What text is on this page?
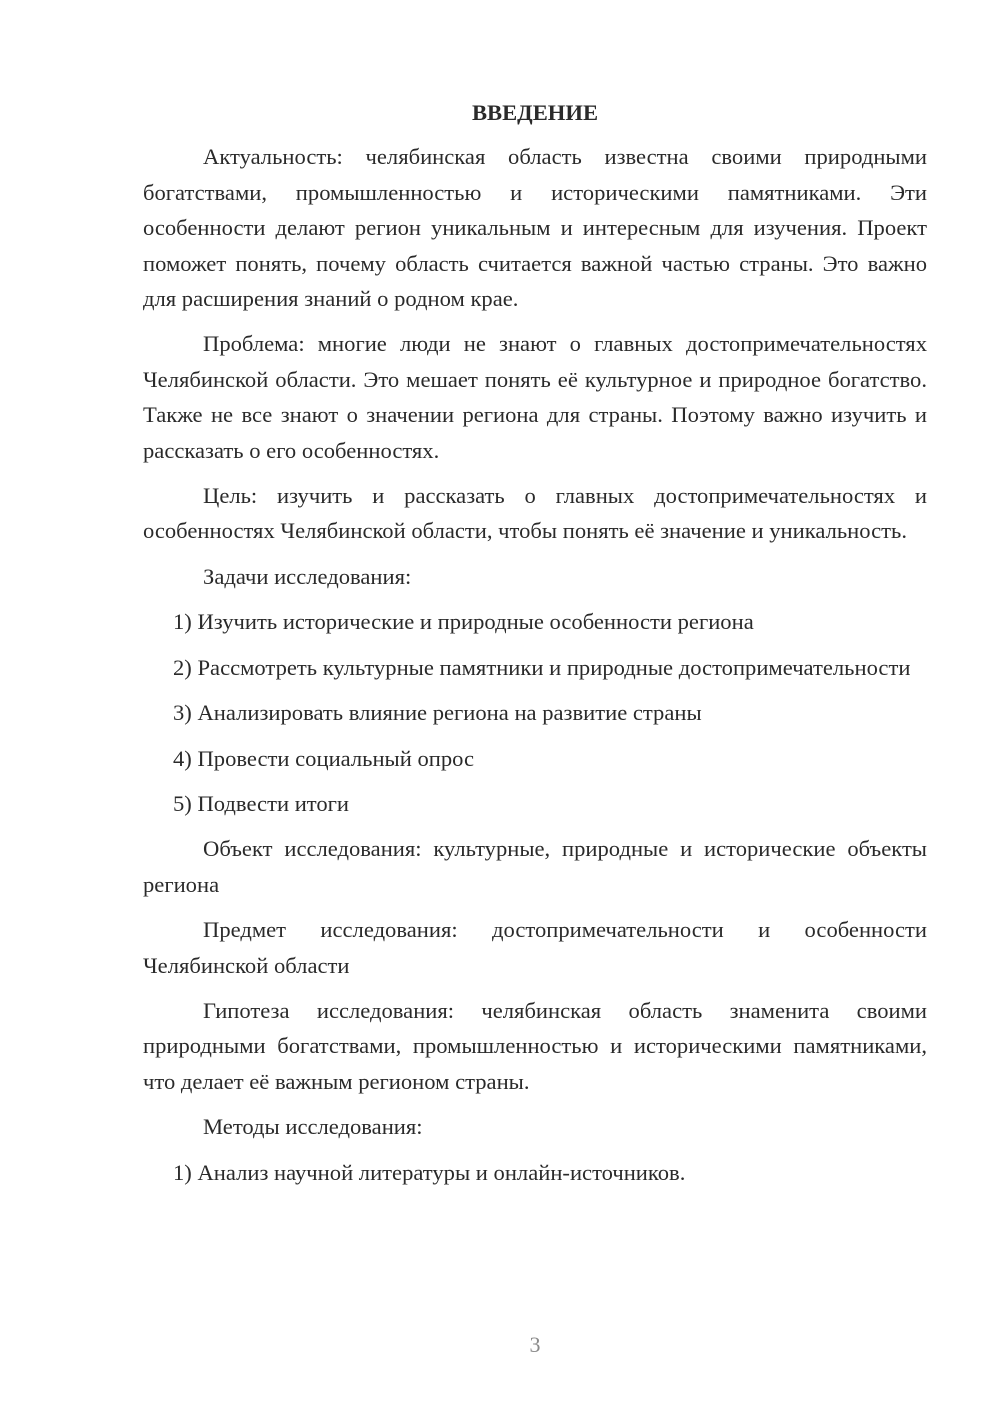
ВВЕДЕНИЕ
Актуальность: челябинская область известна своими природными богатствами, промышленностью и историческими памятниками. Эти особенности делают регион уникальным и интересным для изучения. Проект поможет понять, почему область считается важной частью страны. Это важно для расширения знаний о родном крае.
Проблема: многие люди не знают о главных достопримечательностях Челябинской области. Это мешает понять её культурное и природное богатство. Также не все знают о значении региона для страны. Поэтому важно изучить и рассказать о его особенностях.
Цель: изучить и рассказать о главных достопримечательностях и особенностях Челябинской области, чтобы понять её значение и уникальность.
Задачи исследования:
1) Изучить исторические и природные особенности региона
2) Рассмотреть культурные памятники и природные достопримечательности
3) Анализировать влияние региона на развитие страны
4) Провести социальный опрос
5) Подвести итоги
Объект исследования: культурные, природные и исторические объекты региона
Предмет исследования: достопримечательности и особенности Челябинской области
Гипотеза исследования: челябинская область знаменита своими природными богатствами, промышленностью и историческими памятниками, что делает её важным регионом страны.
Методы исследования:
1) Анализ научной литературы и онлайн-источников.
3
